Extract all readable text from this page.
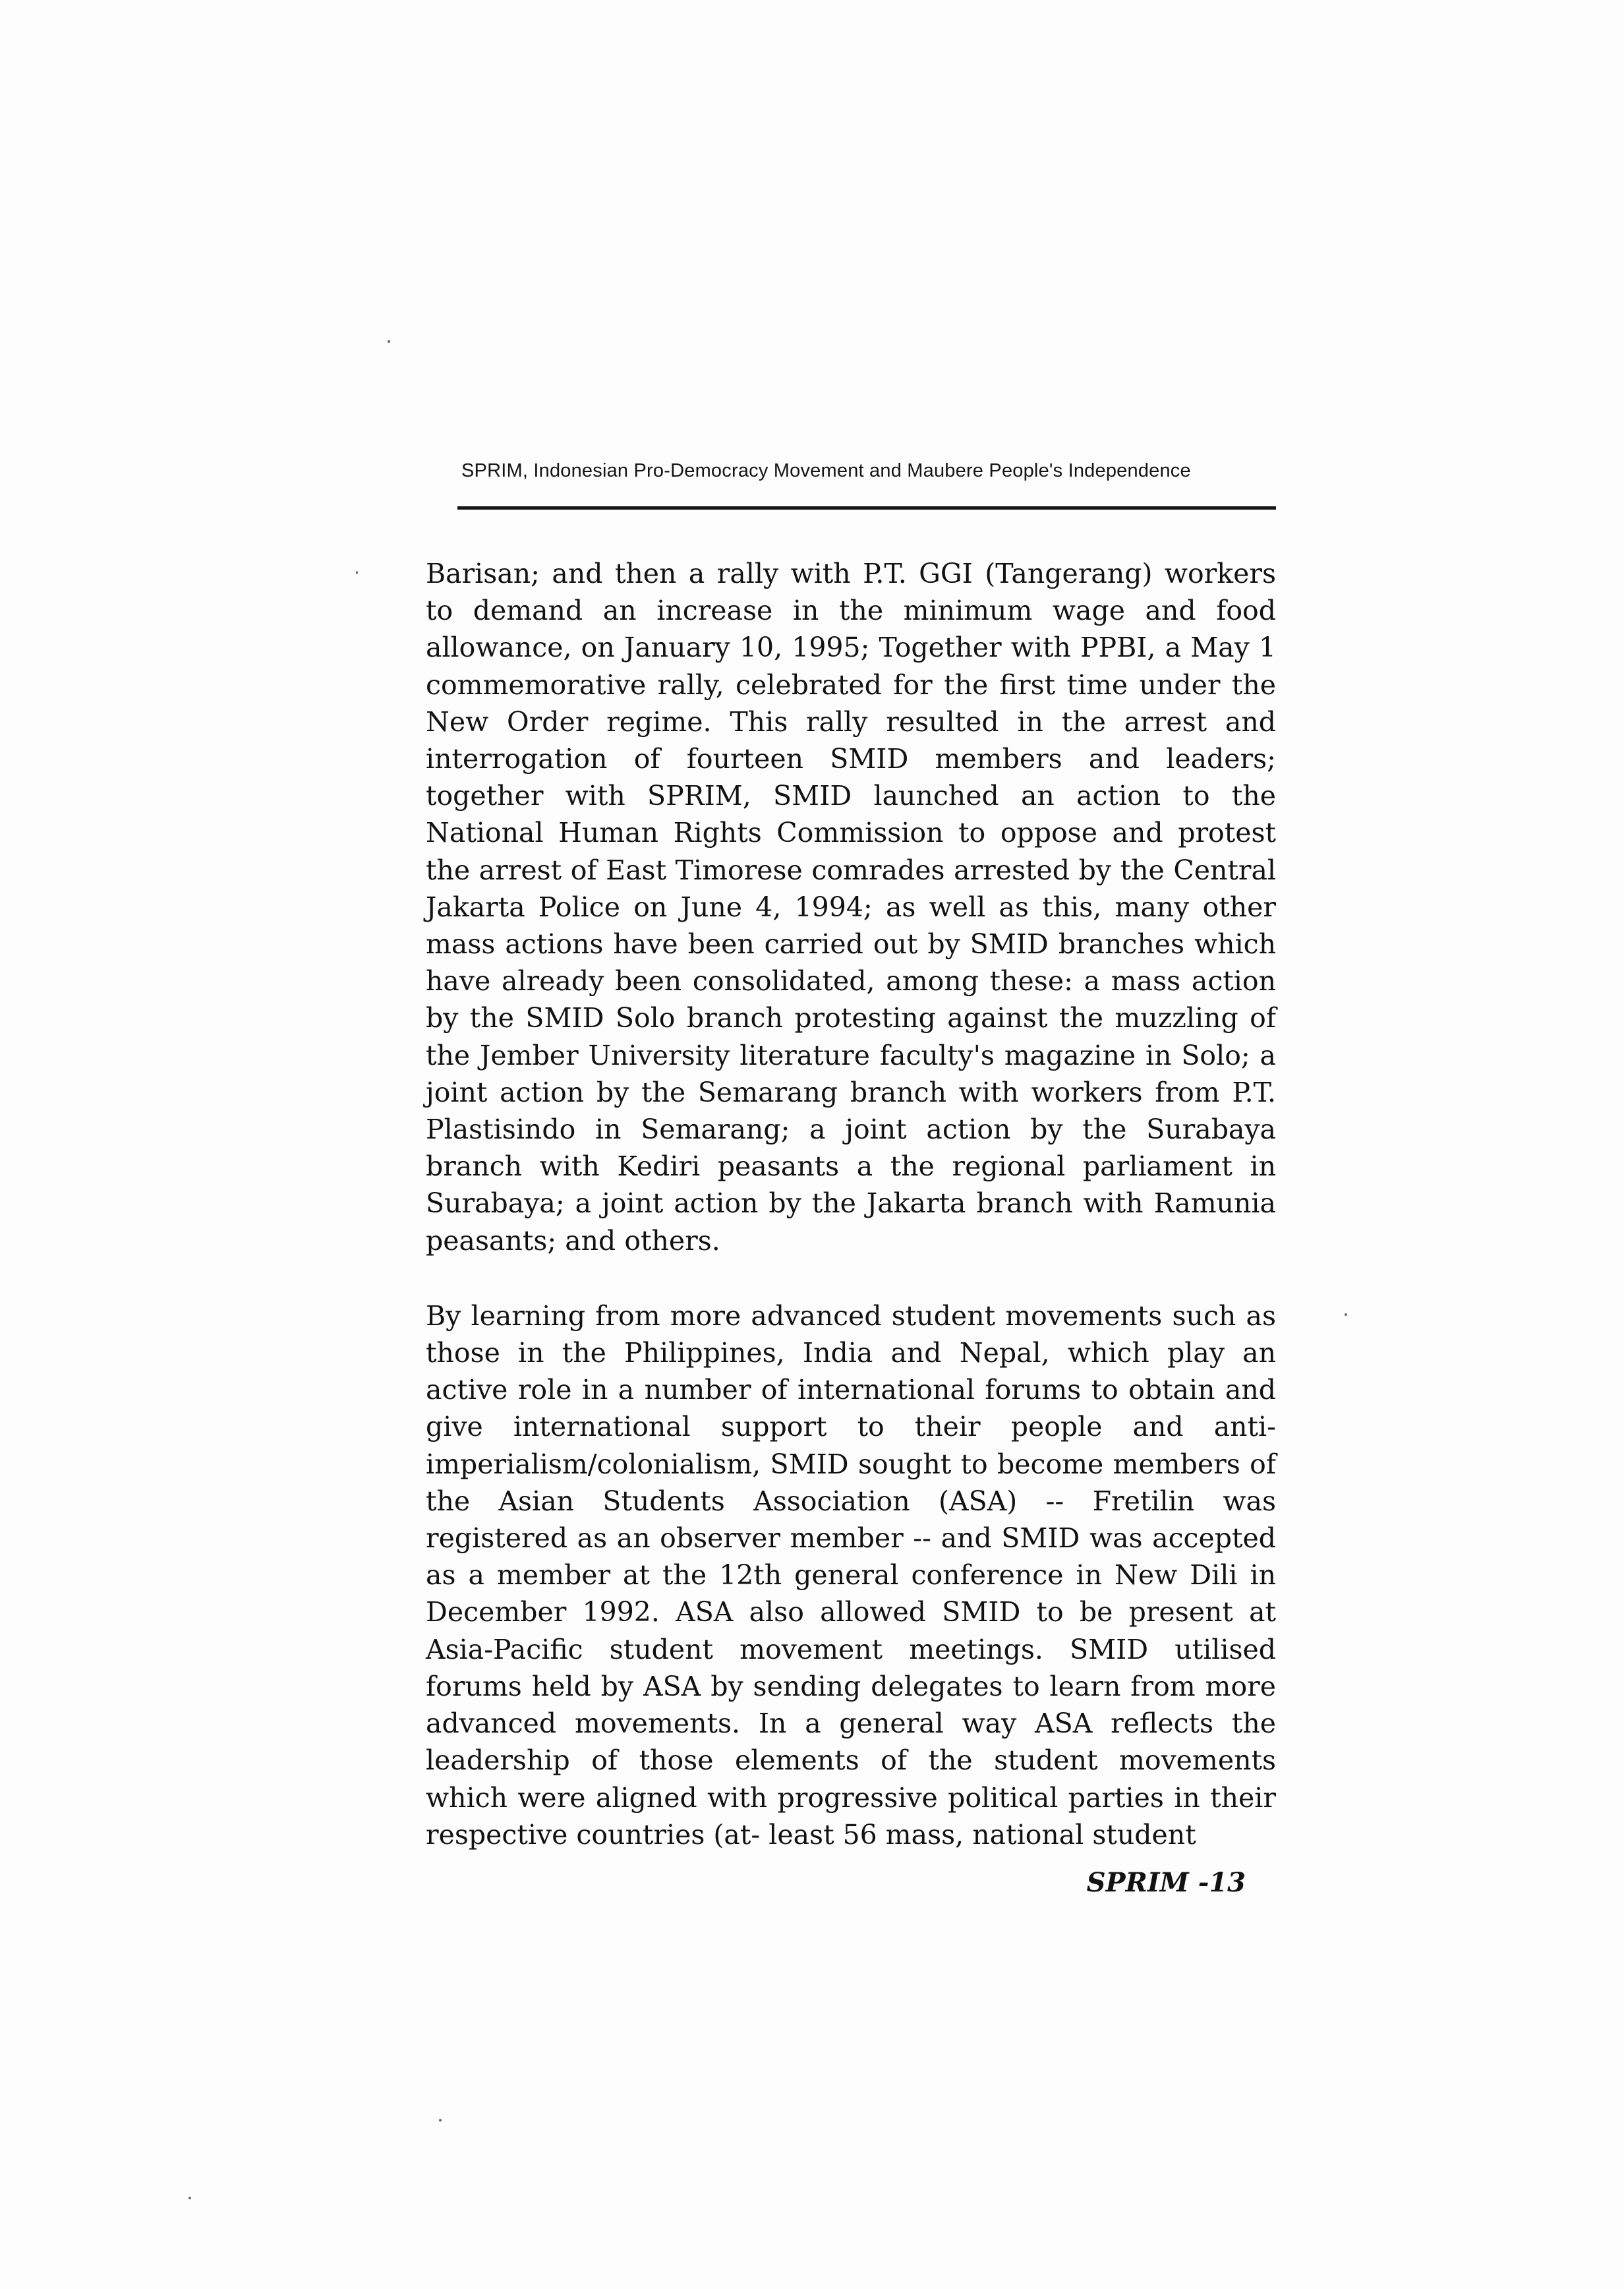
SPRIM, Indonesian Pro-Democracy Movement and Maubere People's Independence

Barisan; and then a rally with P.T. GGI (Tangerang) workers to demand an increase in the minimum wage and food allowance, on January 10, 1995; Together with PPBI, a May 1 commemorative rally, celebrated for the first time under the New Order regime. This rally resulted in the arrest and interrogation of fourteen SMID members and leaders; together with SPRIM, SMID launched an action to the National Human Rights Commission to oppose and protest the arrest of East Timorese comrades arrested by the Central Jakarta Police on June 4, 1994; as well as this, many other mass actions have been carried out by SMID branches which have already been consolidated, among these: a mass action by the SMID Solo branch protesting against the muzzling of the Jember University literature faculty's magazine in Solo; a joint action by the Semarang branch with workers from P.T. Plastisindo in Semarang; a joint action by the Surabaya branch with Kediri peasants a the regional parliament in Surabaya; a joint action by the Jakarta branch with Ramunia peasants; and others.

By learning from more advanced student movements such as those in the Philippines, India and Nepal, which play an active role in a number of international forums to obtain and give international support to their people and anti-imperialism/colonialism, SMID sought to become members of the Asian Students Association (ASA) -- Fretilin was registered as an observer member -- and SMID was accepted as a member at the 12th general conference in New Dili in December 1992. ASA also allowed SMID to be present at Asia-Pacific student movement meetings. SMID utilised forums held by ASA by sending delegates to learn from more advanced movements. In a general way ASA reflects the leadership of those elements of the student movements which were aligned with progressive political parties in their respective countries (at- least 56 mass, national student

SPRIM -13
